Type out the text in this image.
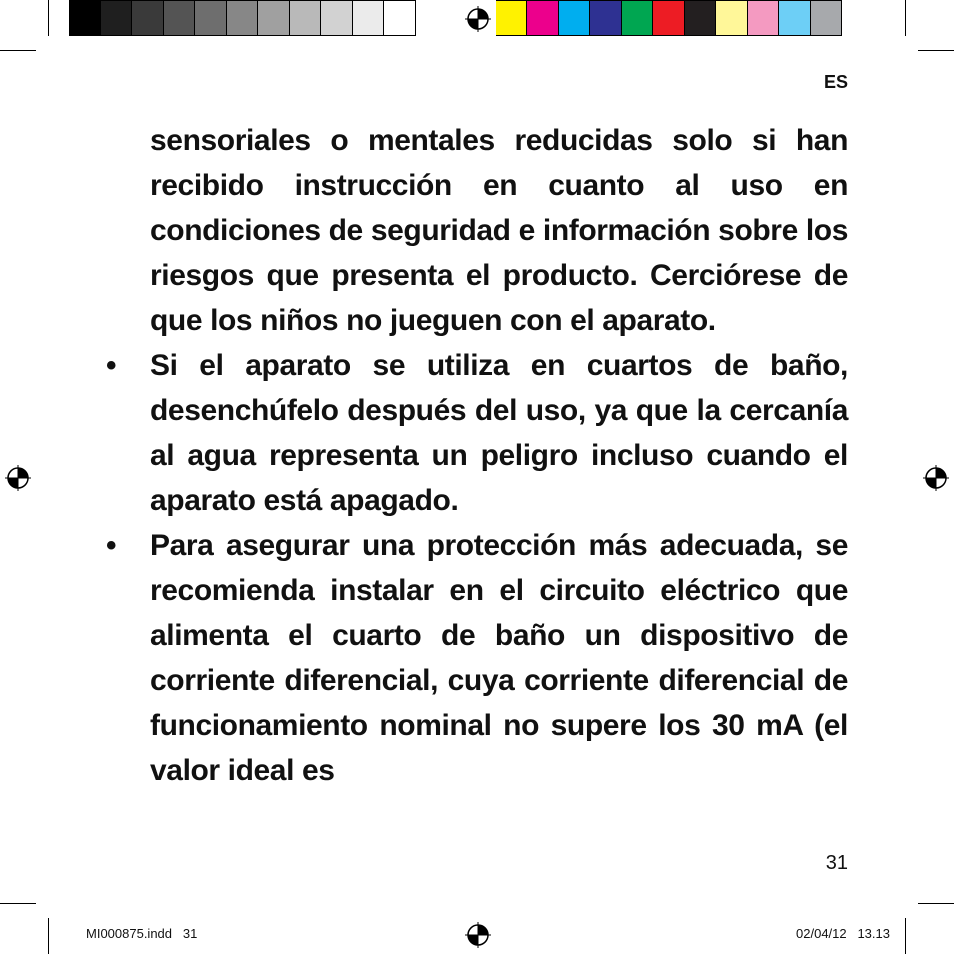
ES

sensoriales o mentales reducidas solo si han recibido instrucción en cuanto al uso en condiciones de seguridad e información sobre los riesgos que presenta el producto. Cerciórese de que los niños no jueguen con el aparato.

• Si el aparato se utiliza en cuartos de baño, desenchúfelo después del uso, ya que la cercanía al agua representa un peligro incluso cuando el aparato está apagado.

• Para asegurar una protección más adecuada, se recomienda instalar en el circuito eléctrico que alimenta el cuarto de baño un dispositivo de corriente diferencial, cuya corriente diferencial de funcionamiento nominal no supere los 30 mA (el valor ideal es

31
MI000875.indd   31	02/04/12   13.13
